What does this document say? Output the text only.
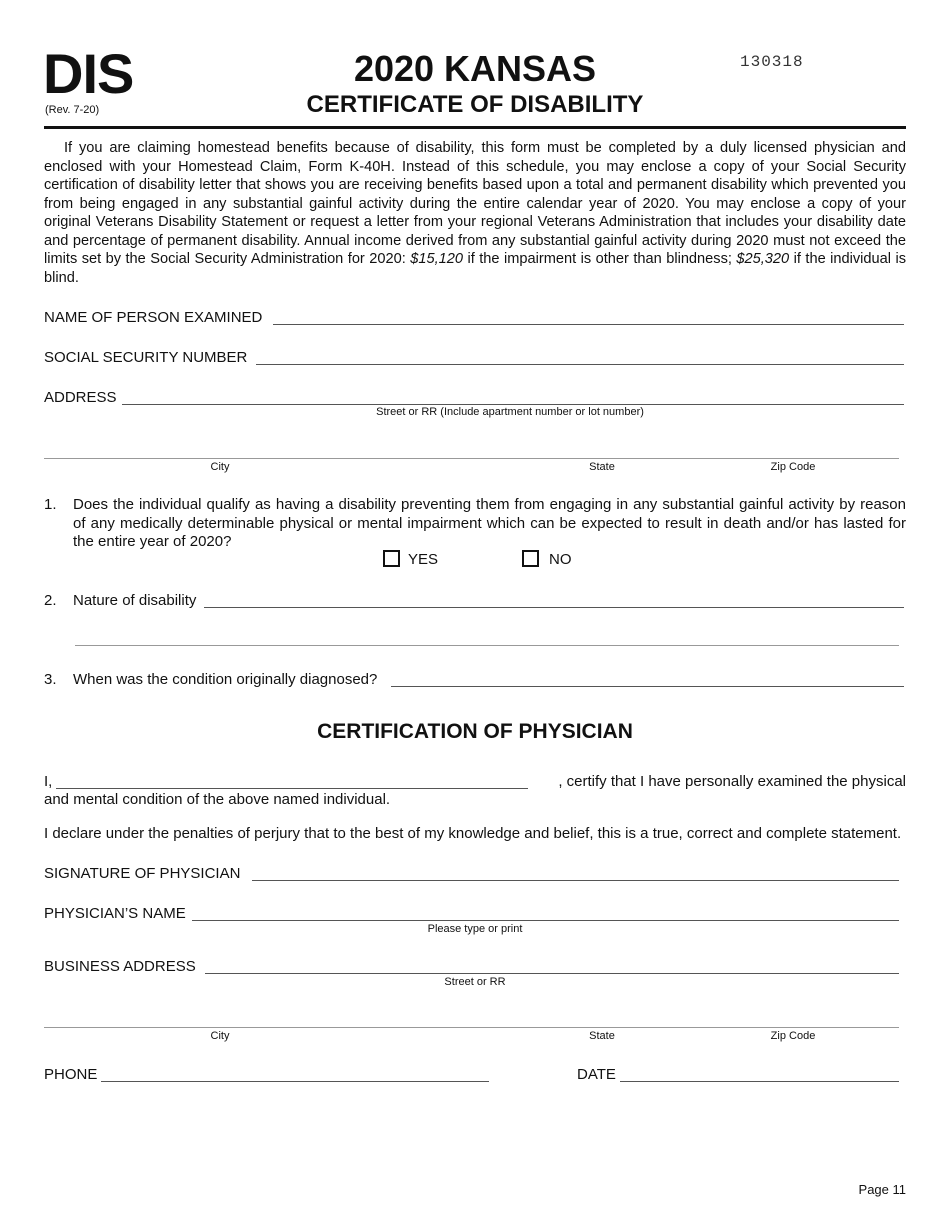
DIS
(Rev. 7-20)
2020 KANSAS
CERTIFICATE OF DISABILITY
130318
If you are claiming homestead benefits because of disability, this form must be completed by a duly licensed physician and enclosed with your Homestead Claim, Form K-40H. Instead of this schedule, you may enclose a copy of your Social Security certification of disability letter that shows you are receiving benefits based upon a total and permanent disability which prevented you from being engaged in any substantial gainful activity during the entire calendar year of 2020. You may enclose a copy of your original Veterans Disability Statement or request a letter from your regional Veterans Administration that includes your disability date and percentage of permanent disability. Annual income derived from any substantial gainful activity during 2020 must not exceed the limits set by the Social Security Administration for 2020: $15,120 if the impairment is other than blindness; $25,320 if the individual is blind.
NAME OF PERSON EXAMINED
SOCIAL SECURITY NUMBER
ADDRESS
Street or RR (Include apartment number or lot number)
City	State	Zip Code
1. Does the individual qualify as having a disability preventing them from engaging in any substantial gainful activity by reason of any medically determinable physical or mental impairment which can be expected to result in death and/or has lasted for the entire year of 2020?
YES	NO
2. Nature of disability
3. When was the condition originally diagnosed?
CERTIFICATION OF PHYSICIAN
I,	, certify that I have personally examined the physical
and mental condition of the above named individual.
I declare under the penalties of perjury that to the best of my knowledge and belief, this is a true, correct and complete statement.
SIGNATURE OF PHYSICIAN
PHYSICIAN’S NAME
Please type or print
BUSINESS ADDRESS
Street or RR
City	State	Zip Code
PHONE	DATE
Page 11
